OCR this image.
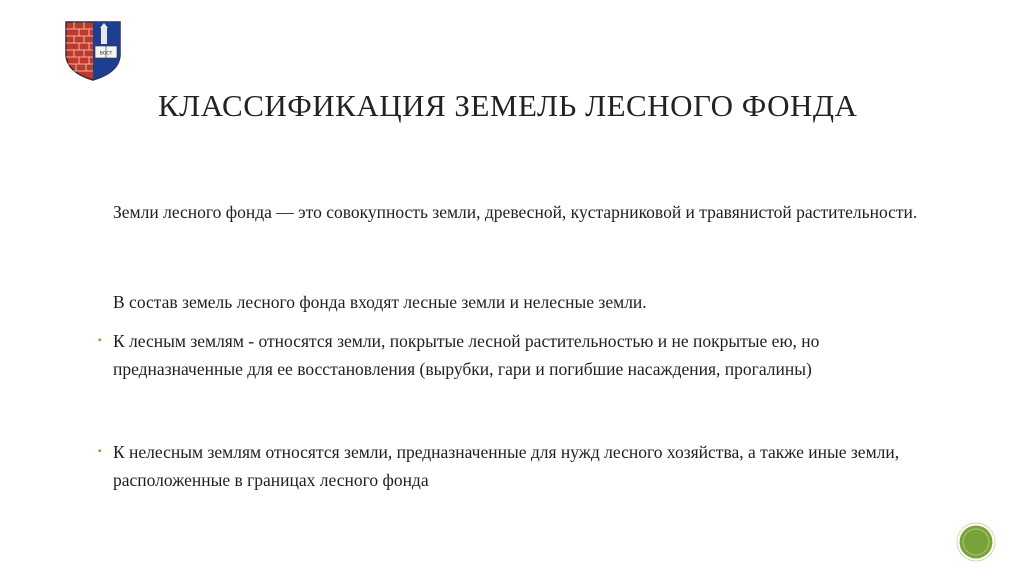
ВОСТ
КЛАССИФИКАЦИЯ ЗЕМЕЛЬ ЛЕСНОГО ФОНДА
Земли лесного фонда — это совокупность земли, древесной, кустарниковой и травянистой растительности.
В состав земель лесного фонда входят лесные земли и нелесные земли.
▪ К лесным землям - относятся земли, покрытые лесной растительностью и не покрытые ею, но предназначенные для ее восстановления (вырубки, гари и погибшие насаждения, прогалины)
▪ К нелесным землям относятся земли, предназначенные для нужд лесного хозяйства, а также иные земли, расположенные в границах лесного фонда
